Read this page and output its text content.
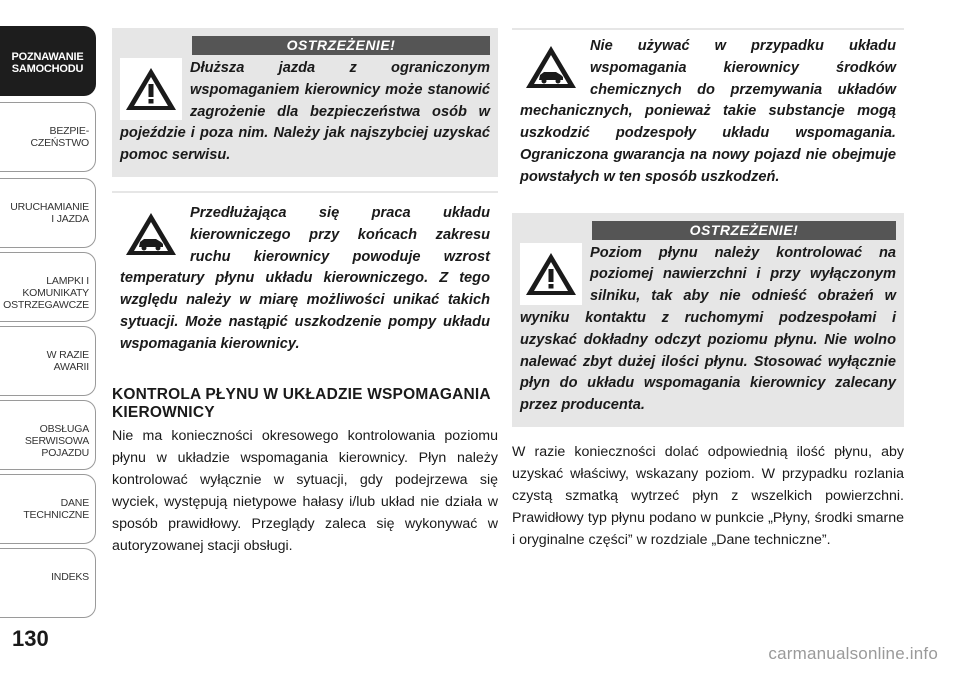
POZNAWANIE
SAMOCHODU
BEZPIE-
CZEŃSTWO
URUCHAMIANIE
I JAZDA
LAMPKI I
KOMUNIKATY
OSTRZEGAWCZE
W RAZIE
AWARII
OBSŁUGA
SERWISOWA
POJAZDU
DANE
TECHNICZNE
INDEKS
130
OSTRZEŻENIE!
Dłuższa jazda z ograniczonym wspomaganiem kierownicy może stanowić zagrożenie dla bezpieczeństwa osób w pojeździe i poza nim. Należy jak najszybciej uzyskać pomoc serwisu.
Przedłużająca się praca układu kierowniczego przy końcach zakresu ruchu kierownicy powoduje wzrost temperatury płynu układu kierowniczego. Z tego względu należy w miarę możliwości unikać takich sytuacji. Może nastąpić uszkodzenie pompy układu wspomagania kierownicy.
KONTROLA PŁYNU W UKŁADZIE WSPOMAGANIA KIEROWNICY
Nie ma konieczności okresowego kontrolowania poziomu płynu w układzie wspomagania kierownicy. Płyn należy kontrolować wyłącznie w sytuacji, gdy podejrzewa się wyciek, występują nietypowe hałasy i/lub układ nie działa w sposób prawidłowy. Przeglądy zaleca się wykonywać w autoryzowanej stacji obsługi.
Nie używać w przypadku układu wspomagania kierownicy środków chemicznych do przemywania układów mechanicznych, ponieważ takie substancje mogą uszkodzić podzespoły układu wspomagania. Ograniczona gwarancja na nowy pojazd nie obejmuje powstałych w ten sposób uszkodzeń.
OSTRZEŻENIE!
Poziom płynu należy kontrolować na poziomej nawierzchni i przy wyłączonym silniku, tak aby nie odnieść obrażeń w wyniku kontaktu z ruchomymi podzespołami i uzyskać dokładny odczyt poziomu płynu. Nie wolno nalewać zbyt dużej ilości płynu. Stosować wyłącznie płyn do układu wspomagania kierownicy zalecany przez producenta.
W razie konieczności dolać odpowiednią ilość płynu, aby uzyskać właściwy, wskazany poziom. W przypadku rozlania czystą szmatką wytrzeć płyn z wszelkich powierzchni. Prawidłowy typ płynu podano w punkcie „Płyny, środki smarne i oryginalne części” w rozdziale „Dane techniczne”.
carmanualsonline.info
